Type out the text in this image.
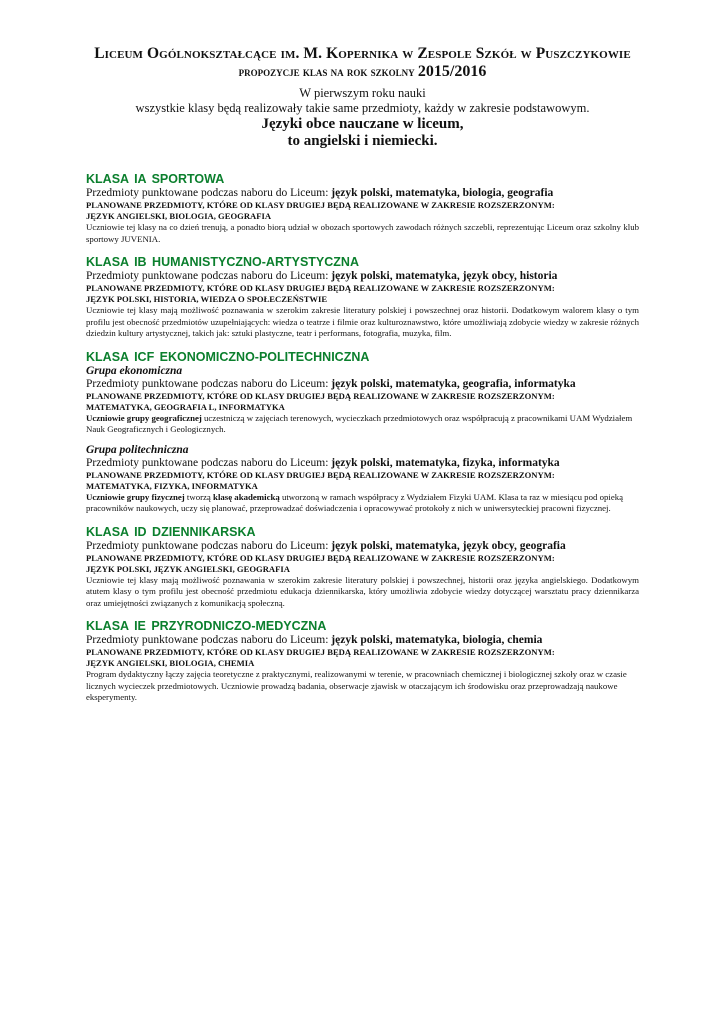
Liceum Ogólnokształcące im. M. Kopernika w Zespole Szkół w Puszczykowie
propozycje klas na rok szkolny 2015/2016
W pierwszym roku nauki
wszystkie klasy będą realizowały takie same przedmioty, każdy w zakresie podstawowym.
Języki obce nauczane w liceum,
to angielski i niemiecki.
KLASA IA SPORTOWA
Przedmioty punktowane podczas naboru do Liceum: język polski, matematyka, biologia, geografia
PLANOWANE PRZEDMIOTY, KTÓRE OD KLASY DRUGIEJ BĘDĄ REALIZOWANE W ZAKRESIE ROZSZERZONYM:
JĘZYK ANGIELSKI, BIOLOGIA, GEOGRAFIA
Uczniowie tej klasy na co dzień trenują, a ponadto biorą udział w obozach sportowych zawodach różnych szczebli, reprezentując Liceum oraz szkolny klub sportowy JUVENIA.
KLASA IB HUMANISTYCZNO-ARTYSTYCZNA
Przedmioty punktowane podczas naboru do Liceum: język polski, matematyka, język obcy, historia
PLANOWANE PRZEDMIOTY, KTÓRE OD KLASY DRUGIEJ BĘDĄ REALIZOWANE W ZAKRESIE ROZSZERZONYM:
JĘZYK POLSKI, HISTORIA, WIEDZA O SPOŁECZEŃSTWIE
Uczniowie tej klasy mają możliwość poznawania w szerokim zakresie literatury polskiej i powszechnej oraz historii. Dodatkowym walorem klasy o tym profilu jest obecność przedmiotów uzupełniających: wiedza o teatrze i filmie oraz kulturoznawstwo, które umożliwiają zdobycie wiedzy w zakresie różnych dziedzin kultury artystycznej, takich jak: sztuki plastyczne, teatr i performans, fotografia, muzyka, film.
KLASA ICF EKONOMICZNO-POLITECHNICZNA
Grupa ekonomiczna
Przedmioty punktowane podczas naboru do Liceum: język polski, matematyka, geografia, informatyka
PLANOWANE PRZEDMIOTY, KTÓRE OD KLASY DRUGIEJ BĘDĄ REALIZOWANE W ZAKRESIE ROZSZERZONYM:
MATEMATYKA, GEOGRAFIA L, INFORMATYKA
Uczniowie grupy geograficznej uczestniczą w zajęciach terenowych, wycieczkach przedmiotowych oraz współpracują z pracownikami UAM Wydziałem Nauk Geograficznych i Geologicznych.
Grupa politechniczna
Przedmioty punktowane podczas naboru do Liceum: język polski, matematyka, fizyka, informatyka
PLANOWANE PRZEDMIOTY, KTÓRE OD KLASY DRUGIEJ BĘDĄ REALIZOWANE W ZAKRESIE ROZSZERZONYM:
MATEMATYKA, FIZYKA, INFORMATYKA
Uczniowie grupy fizycznej tworzą klasę akademicką utworzoną w ramach współpracy z Wydziałem Fizyki UAM. Klasa ta raz w miesiącu pod opieką pracowników naukowych, uczy się planować, przeprowadzać doświadczenia i opracowywać protokoły z nich w uniwersyteckiej pracowni fizycznej.
KLASA ID DZIENNIKARSKA
Przedmioty punktowane podczas naboru do Liceum: język polski, matematyka, język obcy, geografia
PLANOWANE PRZEDMIOTY, KTÓRE OD KLASY DRUGIEJ BĘDĄ REALIZOWANE W ZAKRESIE ROZSZERZONYM:
JĘZYK POLSKI, JĘZYK ANGIELSKI, GEOGRAFIA
Uczniowie tej klasy mają możliwość poznawania w szerokim zakresie literatury polskiej i powszechnej, historii oraz języka angielskiego. Dodatkowym atutem klasy o tym profilu jest obecność przedmiotu edukacja dziennikarska, który umożliwia zdobycie wiedzy dotyczącej warsztatu pracy dziennikarza oraz umiejętności związanych z komunikacją społeczną.
KLASA IE PRZYRODNICZO-MEDYCZNA
Przedmioty punktowane podczas naboru do Liceum: język polski, matematyka, biologia, chemia
PLANOWANE PRZEDMIOTY, KTÓRE OD KLASY DRUGIEJ BĘDĄ REALIZOWANE W ZAKRESIE ROZSZERZONYM:
JĘZYK ANGIELSKI, BIOLOGIA, CHEMIA
Program dydaktyczny łączy zajęcia teoretyczne z praktycznymi, realizowanymi w terenie, w pracowniach chemicznej i biologicznej szkoły oraz w czasie licznych wycieczek przedmiotowych. Uczniowie prowadzą badania, obserwacje zjawisk w otaczającym ich środowisku oraz przeprowadzają naukowe eksperymenty.
